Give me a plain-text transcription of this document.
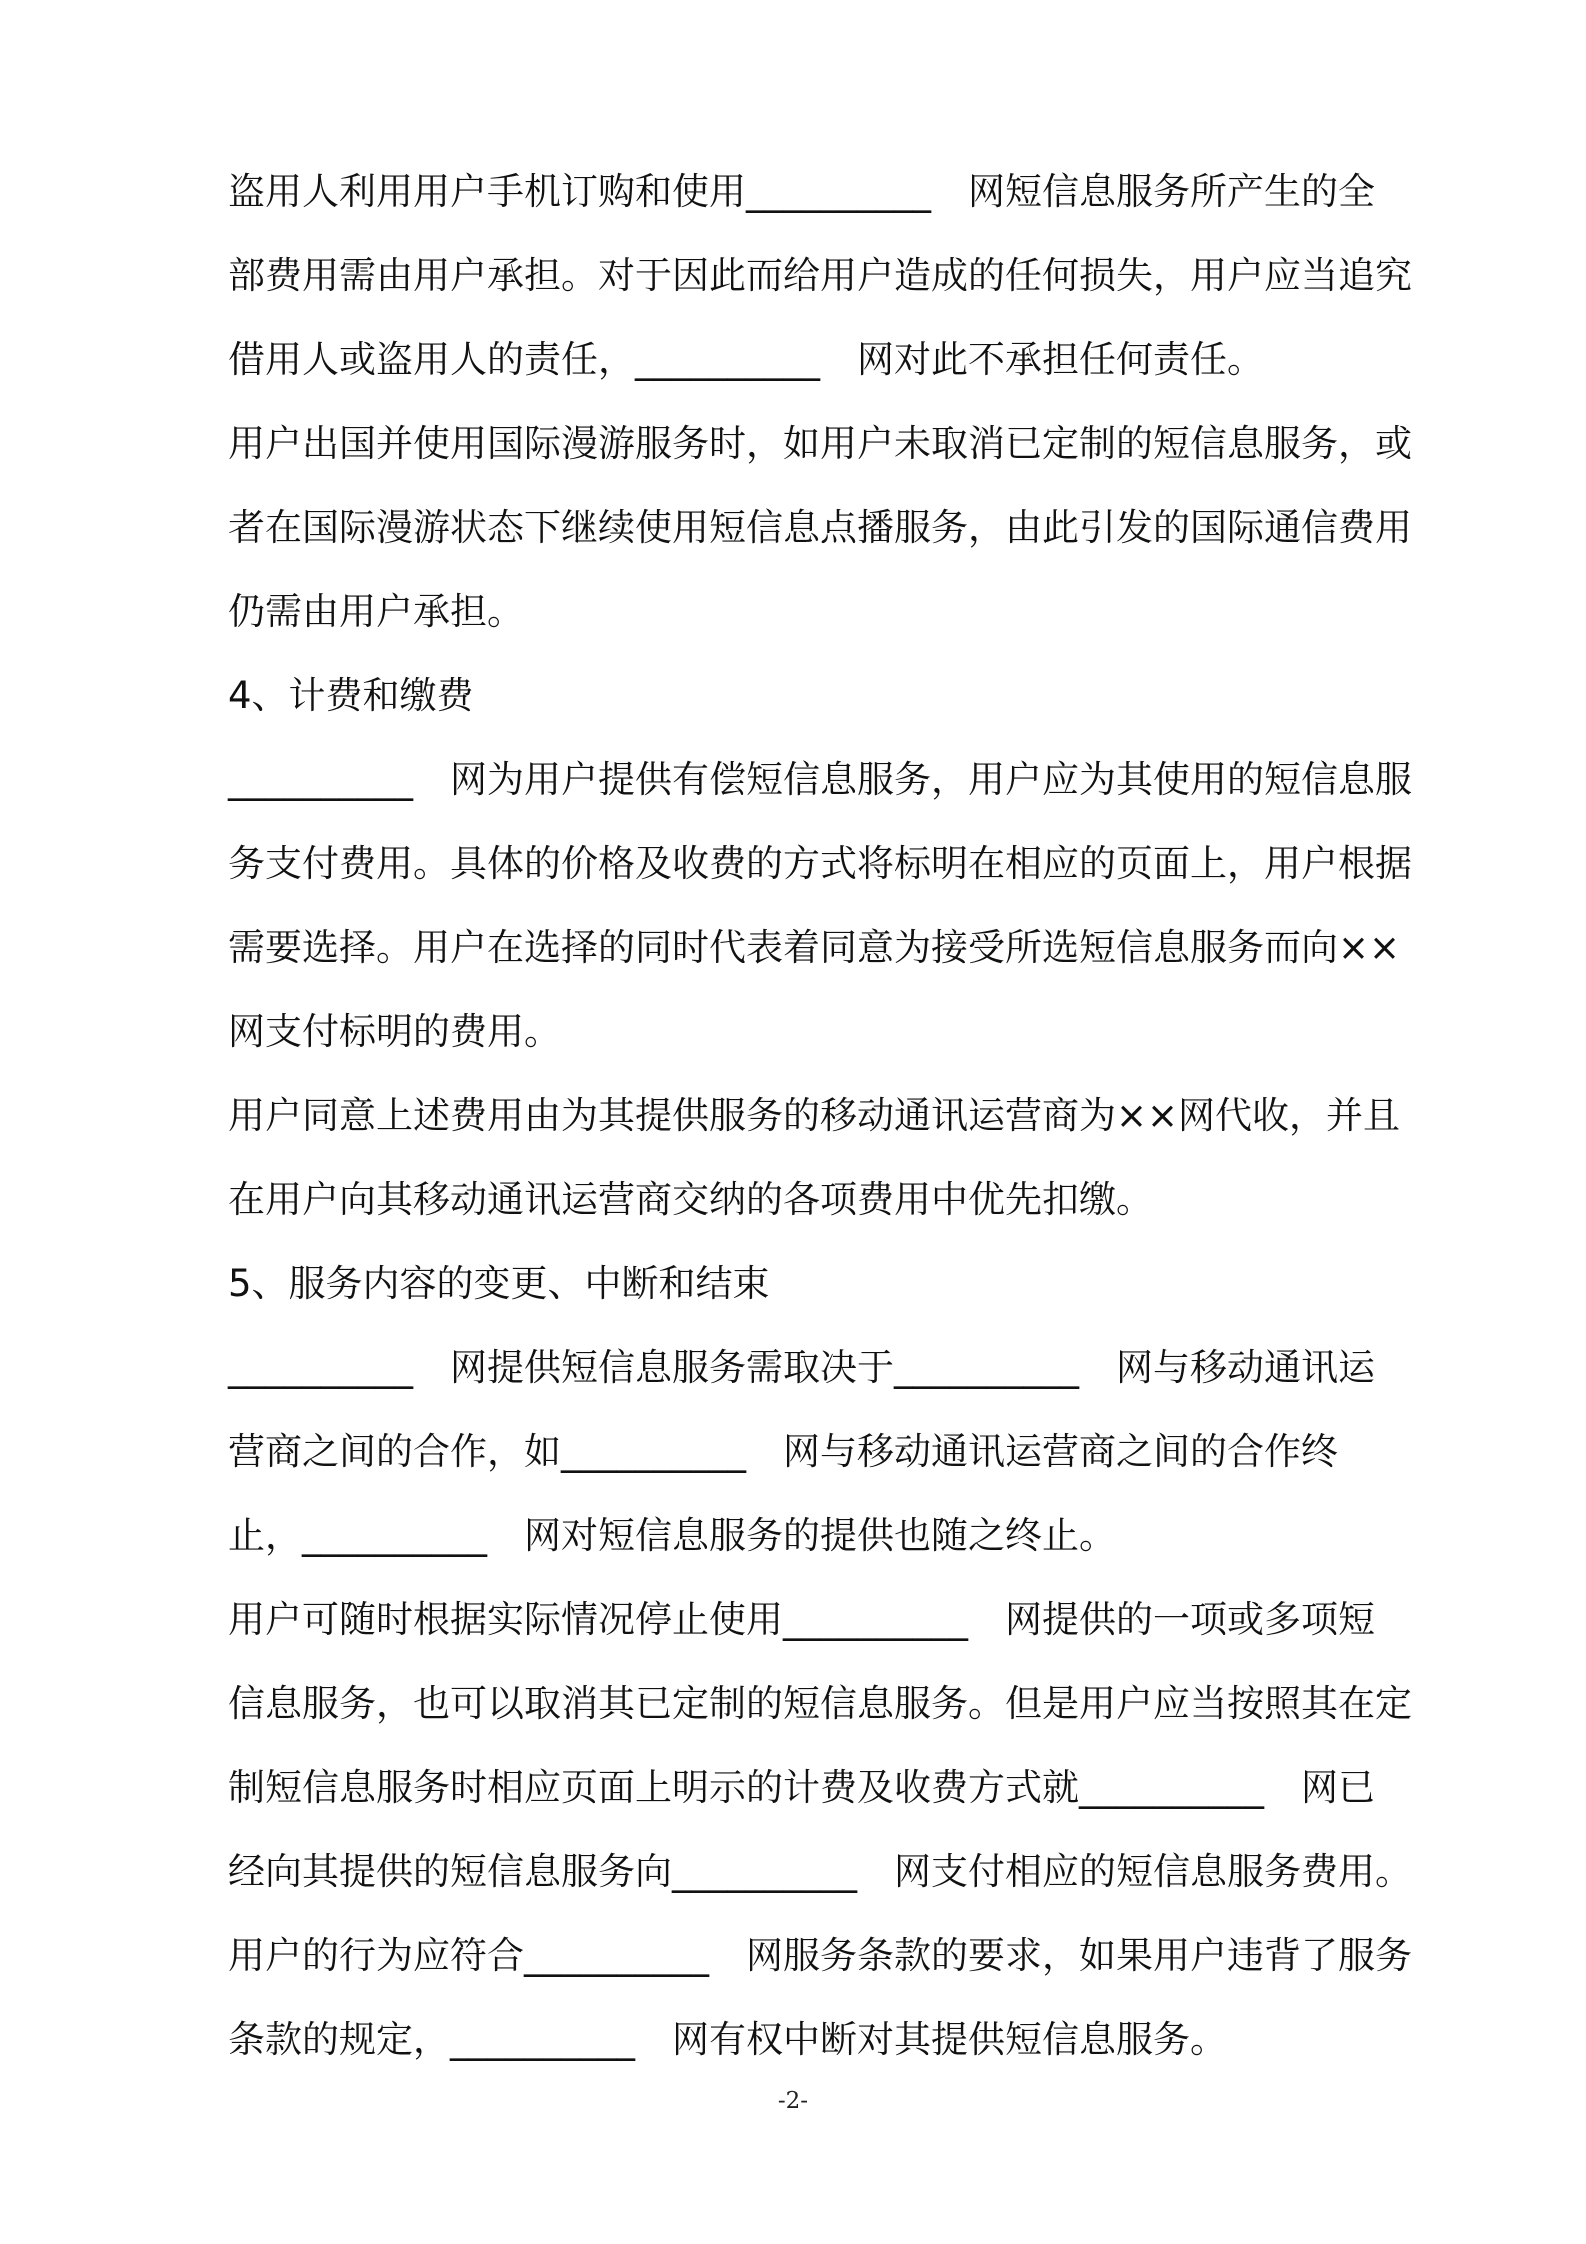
盗用人利用用户手机订购和使用__________　网短信息服务所产生的全
部费用需由用户承担。对于因此而给用户造成的任何损失，用户应当追究
借用人或盗用人的责任，__________　网对此不承担任何责任。
用户出国并使用国际漫游服务时，如用户未取消已定制的短信息服务，或
者在国际漫游状态下继续使用短信息点播服务，由此引发的国际通信费用
仍需由用户承担。
4、计费和缴费
__________　网为用户提供有偿短信息服务，用户应为其使用的短信息服
务支付费用。具体的价格及收费的方式将标明在相应的页面上，用户根据
需要选择。用户在选择的同时代表着同意为接受所选短信息服务而向××
网支付标明的费用。
用户同意上述费用由为其提供服务的移动通讯运营商为××网代收，并且
在用户向其移动通讯运营商交纳的各项费用中优先扣缴。
5、服务内容的变更、中断和结束
__________　网提供短信息服务需取决于__________　网与移动通讯运
营商之间的合作，如__________　网与移动通讯运营商之间的合作终
止，__________　网对短信息服务的提供也随之终止。
用户可随时根据实际情况停止使用__________　网提供的一项或多项短
信息服务，也可以取消其已定制的短信息服务。但是用户应当按照其在定
制短信息服务时相应页面上明示的计费及收费方式就__________　网已
经向其提供的短信息服务向__________　网支付相应的短信息服务费用。
用户的行为应符合__________　网服务条款的要求，如果用户违背了服务
条款的规定，__________　网有权中断对其提供短信息服务。
-2-
